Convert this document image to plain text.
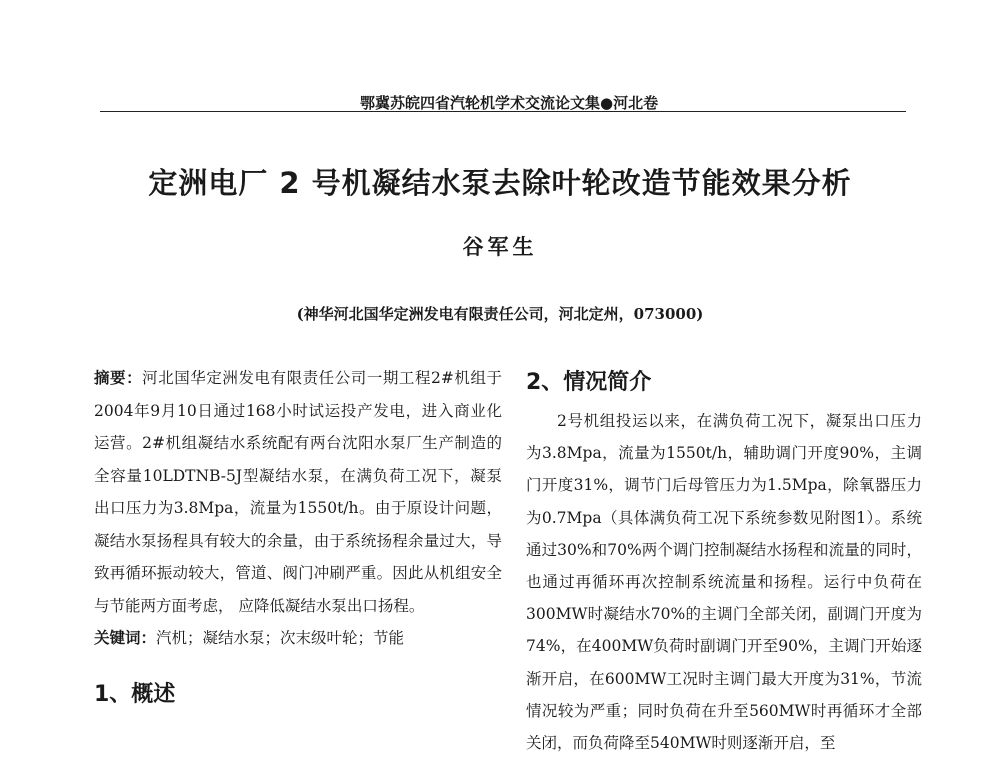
鄂冀苏皖四省汽轮机学术交流论文集●河北卷
定洲电厂 2 号机凝结水泵去除叶轮改造节能效果分析
谷军生
(神华河北国华定洲发电有限责任公司，河北定州，073000)

摘要：河北国华定洲发电有限责任公司一期工程2#机组于2004年9月10日通过168小时试运投产发电，进入商业化运营。2#机组凝结水系统配有两台沈阳水泵厂生产制造的全容量10LDTNB-5J型凝结水泵，在满负荷工况下，凝泵出口压力为3.8Mpa，流量为1550t/h。由于原设计问题，凝结水泵扬程具有较大的余量，由于系统扬程余量过大，导致再循环振动较大，管道、阀门冲刷严重。因此从机组安全与节能两方面考虑， 应降低凝结水泵出口扬程。

关键词：汽机；凝结水泵；次末级叶轮；节能

1、概述
2、情况简介

2号机组投运以来，在满负荷工况下，凝泵出口压力为3.8Mpa，流量为1550t/h，辅助调门开度90%，主调门开度31%，调节门后母管压力为1.5Mpa，除氧器压力为0.7Mpa（具体满负荷工况下系统参数见附图1）。系统通过30%和70%两个调门控制凝结水扬程和流量的同时，也通过再循环再次控制系统流量和扬程。运行中负荷在300MW时凝结水70%的主调门全部关闭，副调门开度为74%，在400MW负荷时副调门开至90%，主调门开始逐渐开启，在600MW工况时主调门最大开度为31%，节流情况较为严重；同时负荷在升至560MW时再循环才全部关闭，而负荷降至540MW时则逐渐开启，至
